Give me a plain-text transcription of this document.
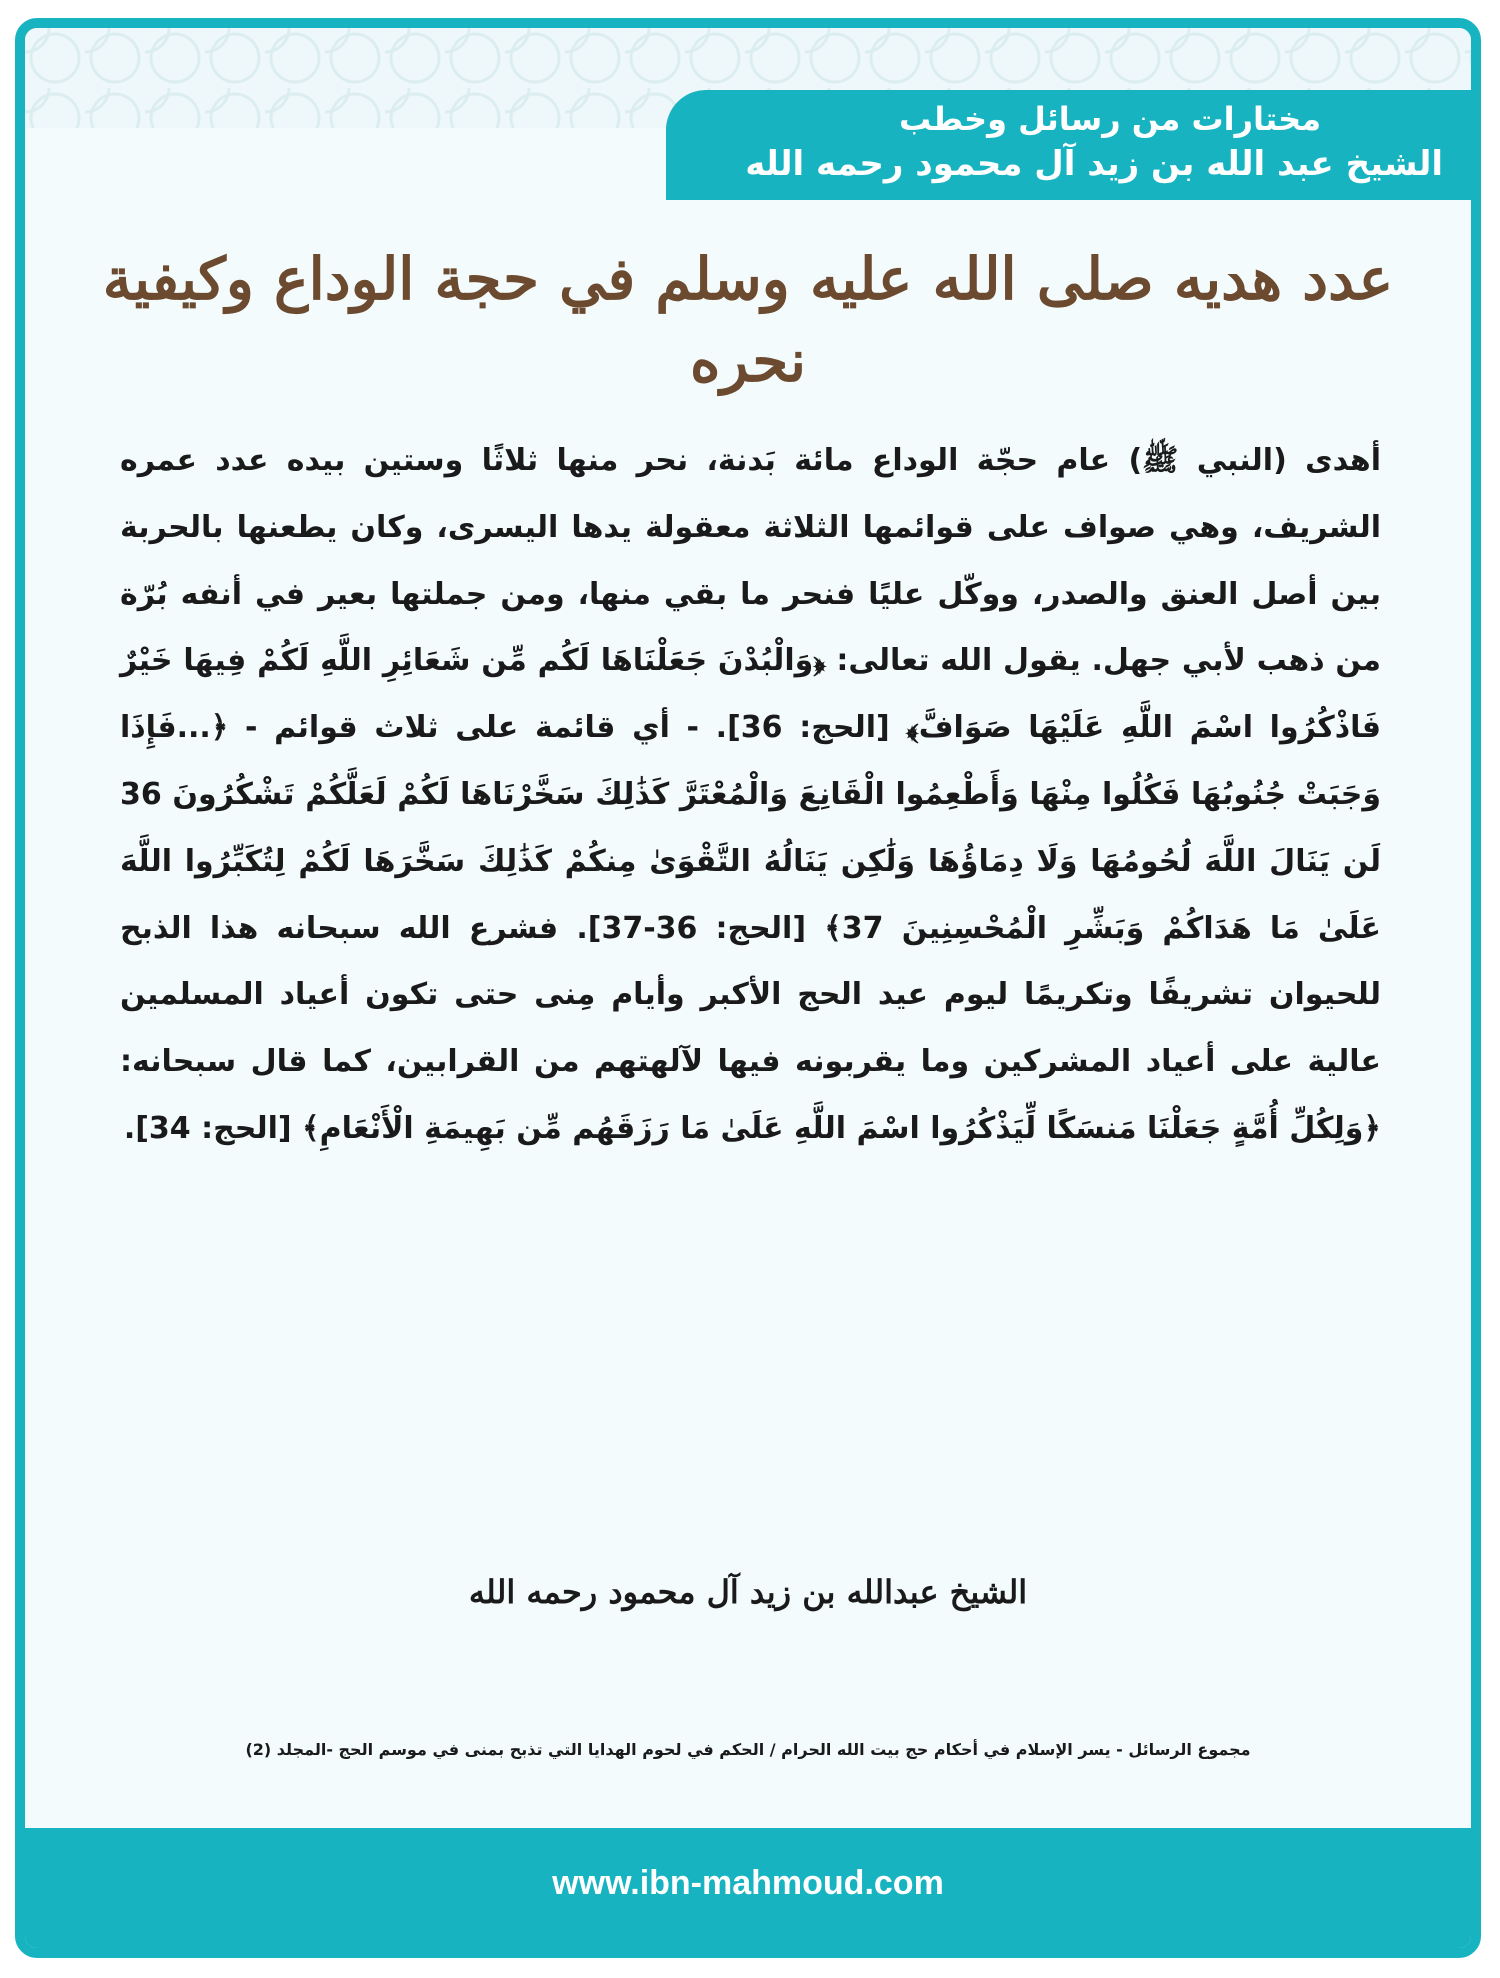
مختارات من رسائل وخطب

الشيخ عبد الله بن زيد آل محمود رحمه الله

عدد هديه صلى الله عليه وسلم في حجة الوداع وكيفية نحره

أهدى (النبي ﷺ) عام حجّة الوداع مائة بَدنة، نحر منها ثلاثًا وستين بيده عدد عمره الشريف، وهي صواف على قوائمها الثلاثة معقولة يدها اليسرى، وكان يطعنها بالحربة بين أصل العنق والصدر، ووكّل عليًا فنحر ما بقي منها، ومن جملتها بعير في أنفه بُرّة من ذهب لأبي جهل. يقول الله تعالى: ﴿وَالْبُدْنَ جَعَلْنَاهَا لَكُم مِّن شَعَائِرِ اللَّهِ لَكُمْ فِيهَا خَيْرٌ فَاذْكُرُوا اسْمَ اللَّهِ عَلَيْهَا صَوَافَّ﴾ [الحج: 36]. - أي قائمة على ثلاث قوائم - ﴿...فَإِذَا وَجَبَتْ جُنُوبُهَا فَكُلُوا مِنْهَا وَأَطْعِمُوا الْقَانِعَ وَالْمُعْتَرَّ كَذَٰلِكَ سَخَّرْنَاهَا لَكُمْ لَعَلَّكُمْ تَشْكُرُونَ 36 لَن يَنَالَ اللَّهَ لُحُومُهَا وَلَا دِمَاؤُهَا وَلَٰكِن يَنَالُهُ التَّقْوَىٰ مِنكُمْ كَذَٰلِكَ سَخَّرَهَا لَكُمْ لِتُكَبِّرُوا اللَّهَ عَلَىٰ مَا هَدَاكُمْ وَبَشِّرِ الْمُحْسِنِينَ 37﴾ [الحج: 36-37]. فشرع الله سبحانه هذا الذبح للحيوان تشريفًا وتكريمًا ليوم عيد الحج الأكبر وأيام مِنى حتى تكون أعياد المسلمين عالية على أعياد المشركين وما يقربونه فيها لآلهتهم من القرابين، كما قال سبحانه: ﴿وَلِكُلِّ أُمَّةٍ جَعَلْنَا مَنسَكًا لِّيَذْكُرُوا اسْمَ اللَّهِ عَلَىٰ مَا رَزَقَهُم مِّن بَهِيمَةِ الْأَنْعَامِ﴾ [الحج: 34].

الشيخ عبدالله بن زيد آل محمود رحمه الله

مجموع الرسائل - يسر الإسلام في أحكام حج بيت الله الحرام / الحكم في لحوم الهدايا التي تذبح بمنى في موسم الحج -المجلد (2)

www.ibn-mahmoud.com
